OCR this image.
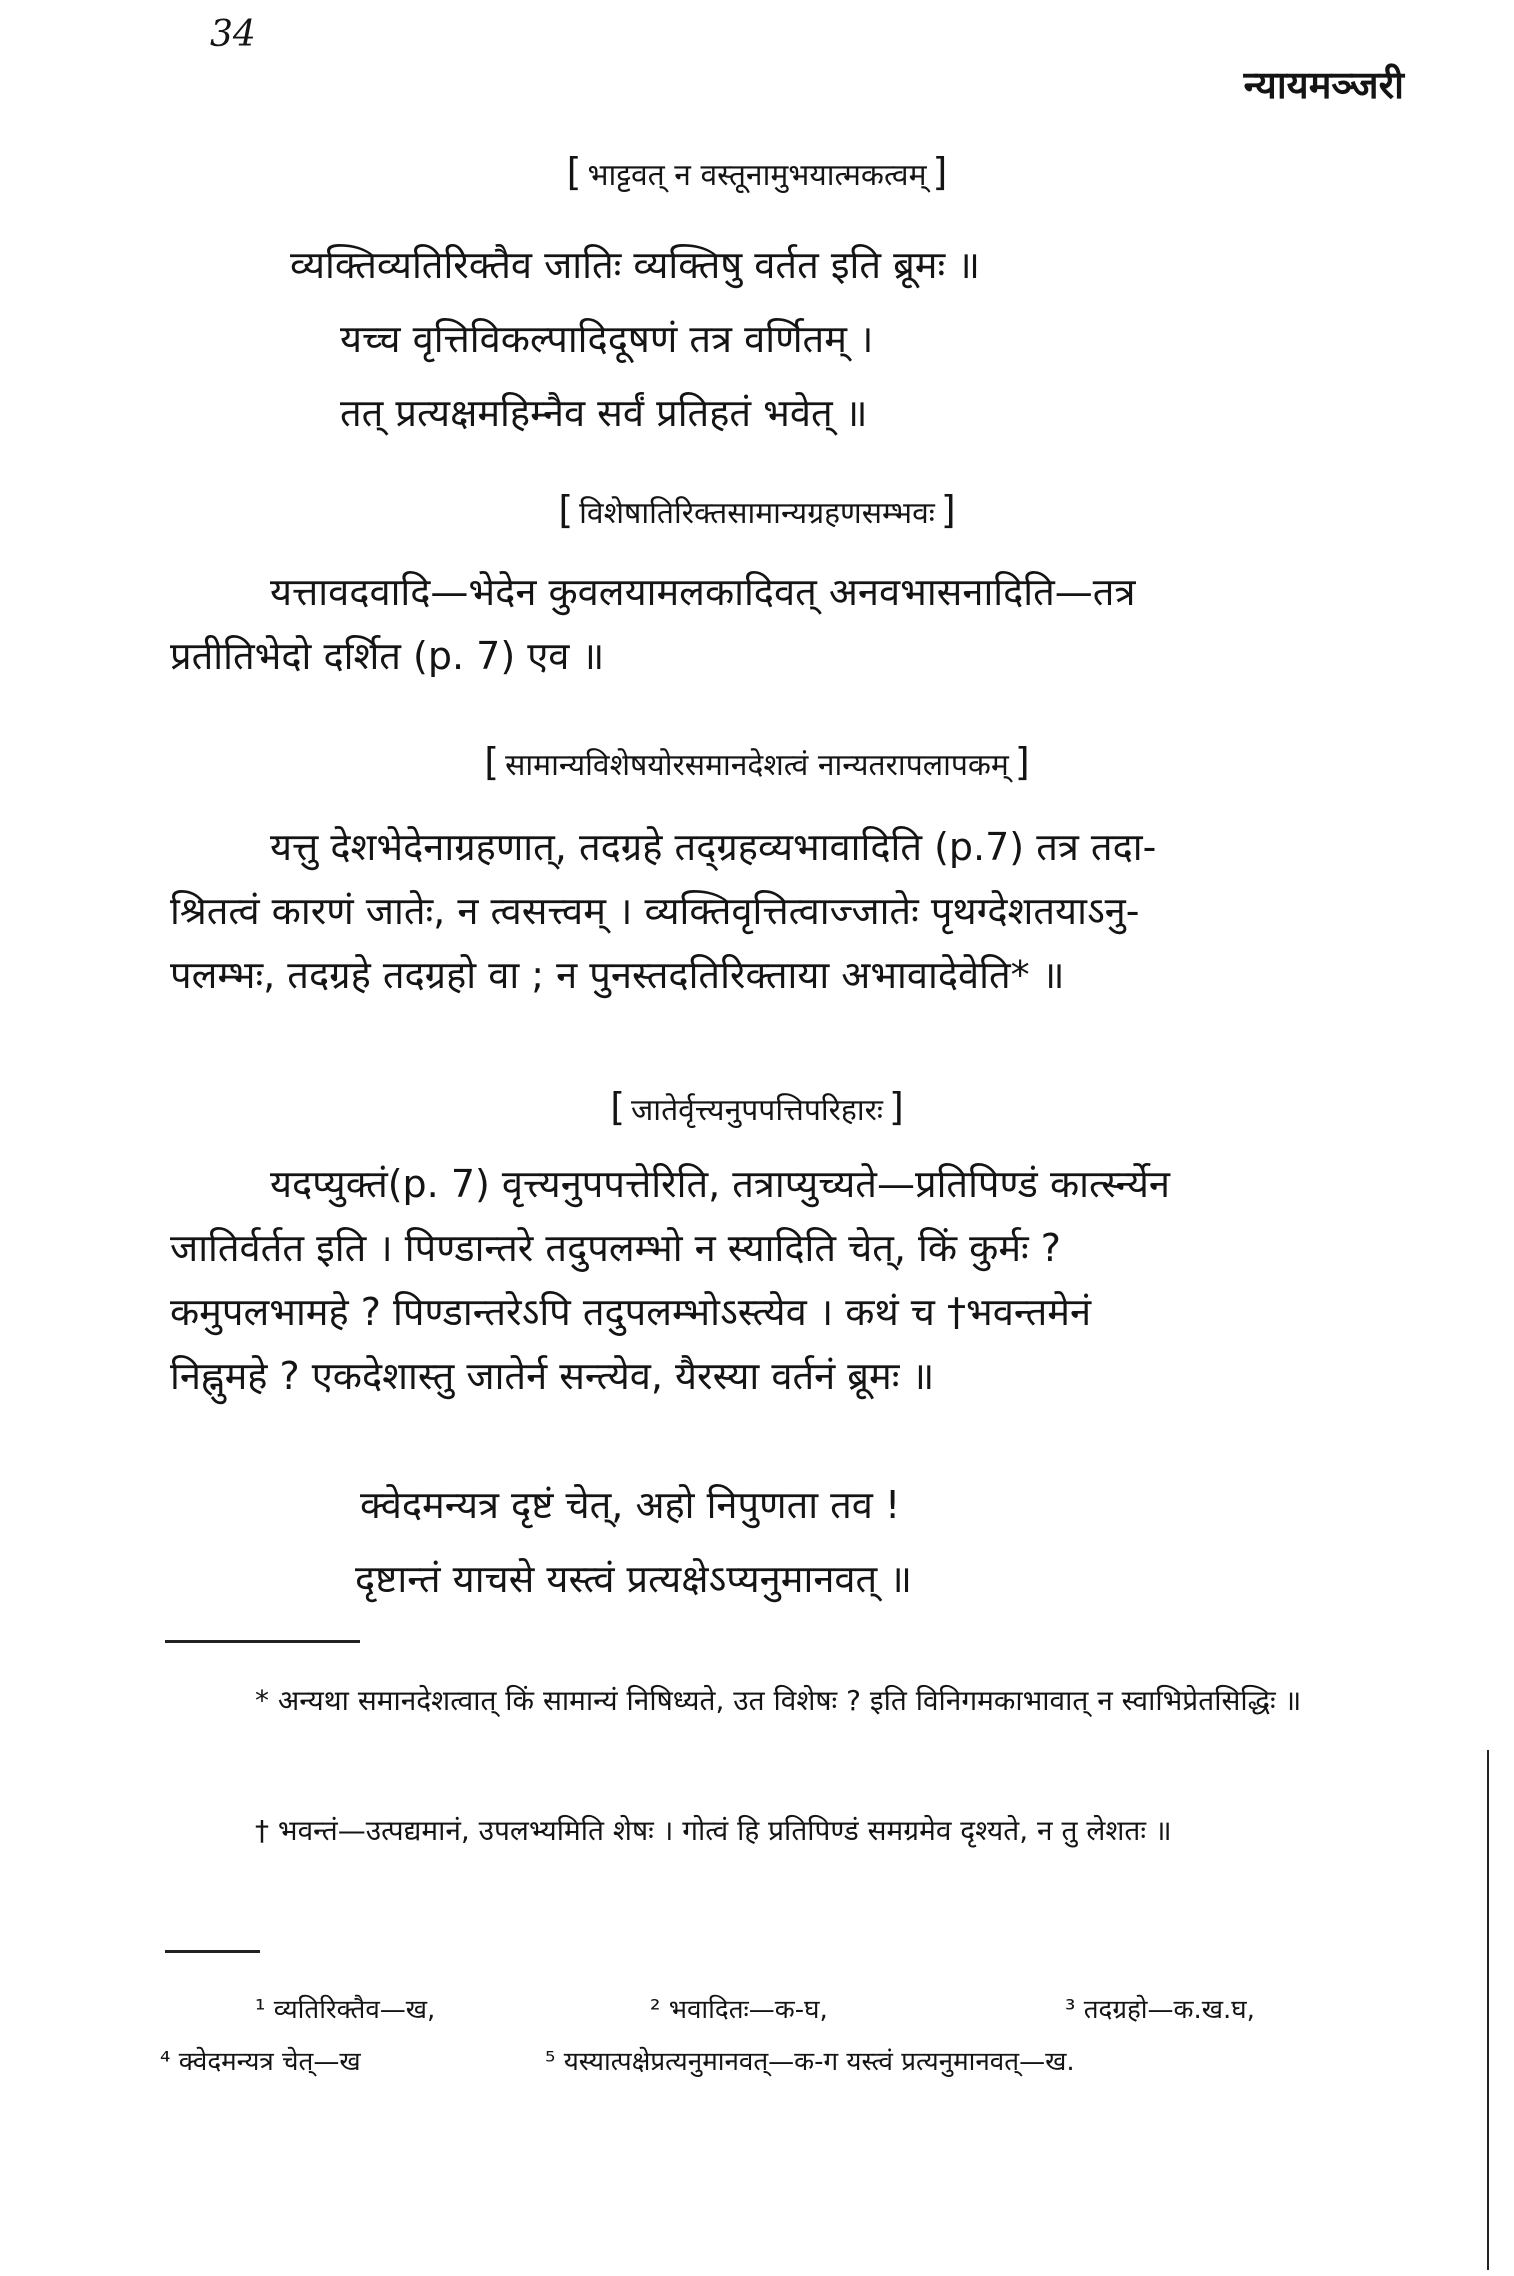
34
न्यायमञ्जरी
[ भाट्टवत् न वस्तूनामुभयात्मकत्वम् ]
व्यक्तिव्यतिरिक्तैव जातिः व्यक्तिषु वर्तत इति ब्रूमः ॥
यच्च वृत्तिविकल्पादिदूषणं तत्र वर्णितम् ।
तत् प्रत्यक्षमहिम्नैव सर्वं प्रतिहतं भवेत् ॥
[ विशेषातिरिक्तसामान्यग्रहणसम्भवः ]
यत्तावदवादि—भेदेन कुवलयामलकादिवत् अनवभासनादिति—तत्र
प्रतीतिभेदो दर्शित (p. 7) एव ॥
[ सामान्यविशेषयोरसमानदेशत्वं नान्यतरापलापकम् ]
यत्तु देशभेदेनाग्रहणात्, तदग्रहे तद्ग्रहव्यभावादिति (p.7) तत्र तदा-
श्रितत्वं कारणं जातेः, न त्वसत्त्वम् । व्यक्तिवृत्तित्वाज्जातेः पृथग्देशतयाऽनु-
पलम्भः, तदग्रहे तदग्रहो वा ; न पुनस्तदतिरिक्ताया अभावादेवेति* ॥
[ जातेर्वृत्त्यनुपपत्तिपरिहारः ]
यदप्युक्तं(p. 7) वृत्त्यनुपपत्तेरिति, तत्राप्युच्यते—प्रतिपिण्डं कार्त्स्न्येन
जातिर्वर्तत इति । पिण्डान्तरे तदुपलम्भो न स्यादिति चेत्, किं कुर्मः ?
कमुपलभामहे ? पिण्डान्तरेऽपि तदुपलम्भोऽस्त्येव । कथं च †भवन्तमेनं
निह्नुमहे ? एकदेशास्तु जातेर्न सन्त्येव, यैरस्या वर्तनं ब्रूमः ॥
क्वेदमन्यत्र दृष्टं चेत्, अहो निपुणता तव !
दृष्टान्तं याचसे यस्त्वं प्रत्यक्षेऽप्यनुमानवत् ॥
* अन्यथा समानदेशत्वात् किं सामान्यं निषिध्यते, उत विशेषः ? इति विनिगमकाभावात् न स्वाभिप्रेतसिद्धिः ॥
† भवन्तं—उत्पद्यमानं, उपलभ्यमिति शेषः । गोत्वं हि प्रतिपिण्डं समग्रमेव दृश्यते, न तु लेशतः ॥
¹ व्यतिरिक्तैव—ख,	² भवादितः—क-घ,	³ तदग्रहो—क.ख.घ,
⁴ क्वेदमन्यत्र चेत्—ख	⁵ यस्यात्पक्षेप्रत्यनुमानवत्—क-ग यस्त्वं प्रत्यनुमानवत्—ख.
